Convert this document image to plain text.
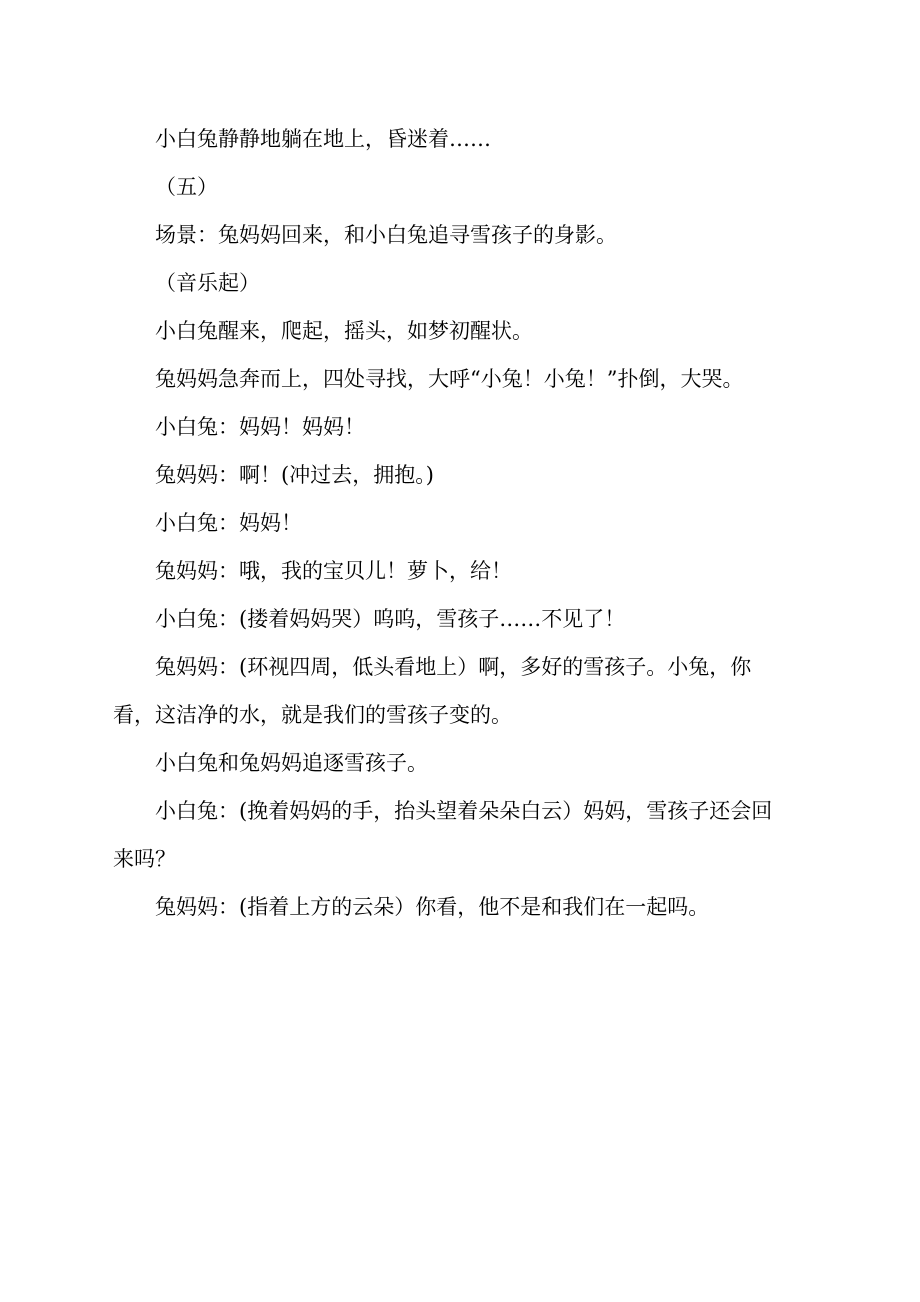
小白兔静静地躺在地上，昏迷着……

（五）

场景：兔妈妈回来，和小白兔追寻雪孩子的身影。

（音乐起）

小白兔醒来，爬起，摇头，如梦初醒状。

兔妈妈急奔而上，四处寻找，大呼“小兔！小兔！”扑倒，大哭。

小白兔：妈妈！妈妈！

兔妈妈：啊！(冲过去，拥抱。)

小白兔：妈妈！

兔妈妈：哦，我的宝贝儿！萝卜，给！

小白兔：(搂着妈妈哭）呜呜，雪孩子……不见了！

兔妈妈：(环视四周，低头看地上）啊，多好的雪孩子。小兔，你看，这洁净的水，就是我们的雪孩子变的。

小白兔和兔妈妈追逐雪孩子。

小白兔：(挽着妈妈的手，抬头望着朵朵白云）妈妈，雪孩子还会回来吗？

兔妈妈：(指着上方的云朵）你看，他不是和我们在一起吗。
